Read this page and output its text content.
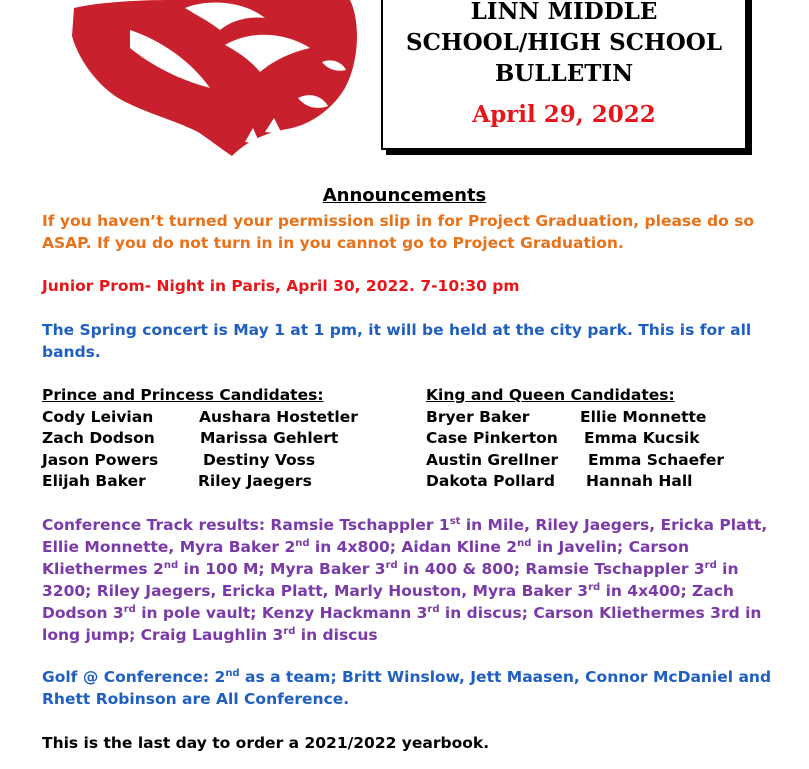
LINN MIDDLE
SCHOOL/HIGH SCHOOL
BULLETIN
April 29, 2022
Announcements

If you haven’t turned your permission slip in for Project Graduation, please do so ASAP. If you do not turn in in you cannot go to Project Graduation.

Junior Prom- Night in Paris, April 30, 2022. 7-10:30 pm

The Spring concert is May 1 at 1 pm, it will be held at the city park. This is for all bands.

Prince and Princess Candidates:
Cody Leivian	Aushara Hostetler
Zach Dodson	Marissa Gehlert
Jason Powers	Destiny Voss
Elijah Baker	Riley Jaegers
King and Queen Candidates:
Bryer Baker	Ellie Monnette
Case Pinkerton	Emma Kucsik
Austin Grellner	Emma Schaefer
Dakota Pollard	Hannah Hall

Conference Track results: Ramsie Tschappler 1st in Mile, Riley Jaegers, Ericka Platt, Ellie Monnette, Myra Baker 2nd in 4x800; Aidan Kline 2nd in Javelin; Carson Kliethermes 2nd in 100 M; Myra Baker 3rd in 400 & 800; Ramsie Tschappler 3rd in 3200; Riley Jaegers, Ericka Platt, Marly Houston, Myra Baker 3rd in 4x400; Zach Dodson 3rd in pole vault; Kenzy Hackmann 3rd in discus; Carson Kliethermes 3rd in long jump; Craig Laughlin 3rd in discus

Golf @ Conference: 2nd as a team; Britt Winslow, Jett Maasen, Connor McDaniel and Rhett Robinson are All Conference.

This is the last day to order a 2021/2022 yearbook.
